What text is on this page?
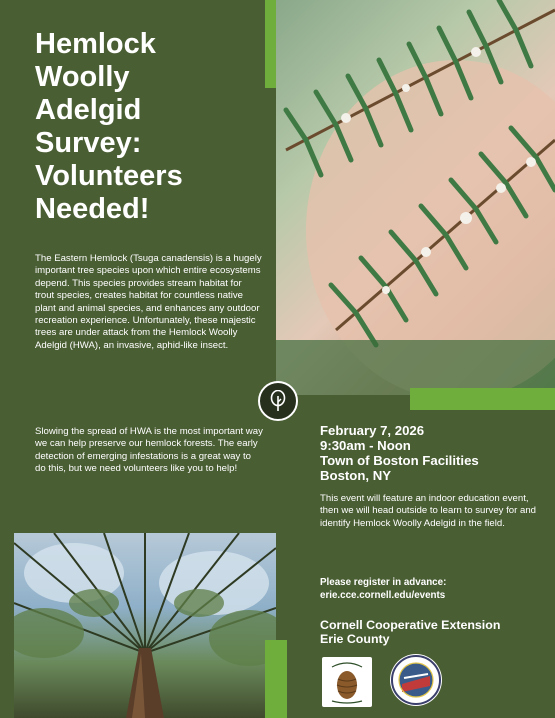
Hemlock
Woolly
Adelgid
Survey:
Volunteers
Needed!

The Eastern Hemlock (Tsuga canadensis) is a hugely important tree species upon which entire ecosystems depend. This species provides stream habitat for trout species, creates habitat for countless native plant and animal species, and enhances any outdoor recreation experience. Unfortunately, these majestic trees are under attack from the Hemlock Woolly Adelgid (HWA), an invasive, aphid-like insect.

Slowing the spread of HWA is the most important way we can help preserve our hemlock forests. The early detection of emerging infestations is a great way to do this, but we need volunteers like you to help!

February 7, 2026
9:30am - Noon
Town of Boston Facilities
Boston, NY

This event will feature an indoor education event, then we will head outside to learn to survey for and identify Hemlock Woolly Adelgid in the field.

Please register in advance:
erie.cce.cornell.edu/events
Cornell Cooperative Extension
Erie County
